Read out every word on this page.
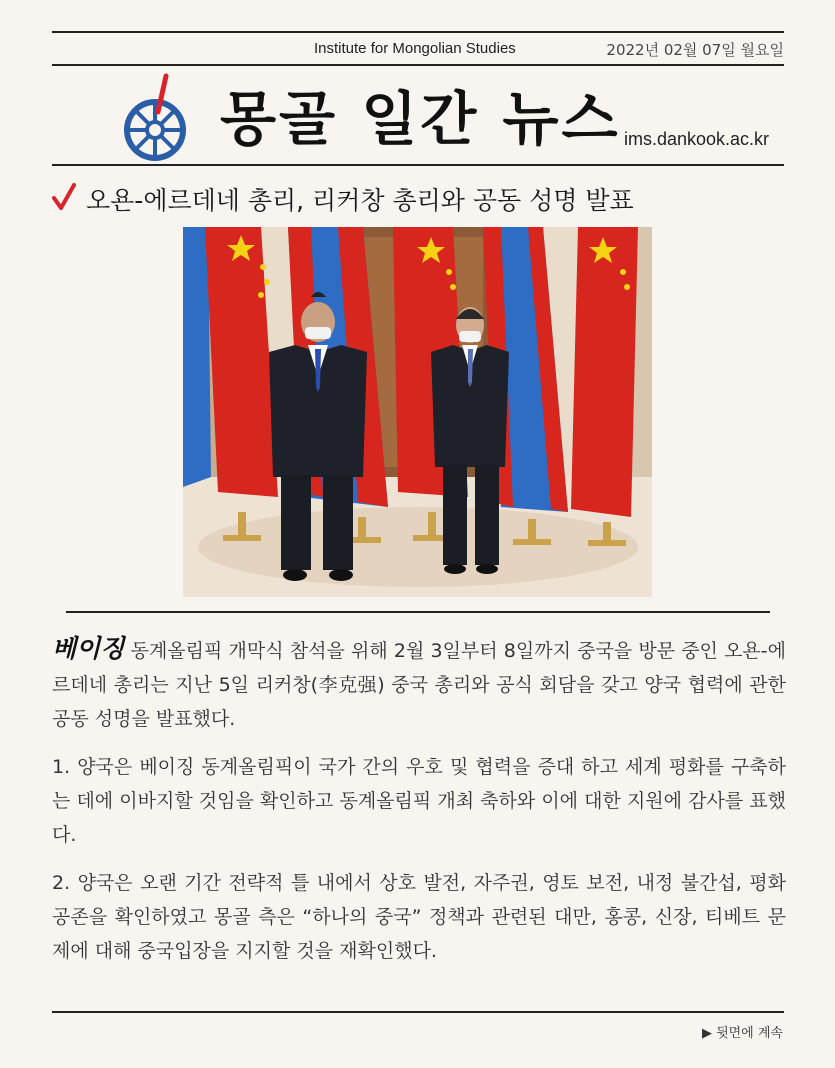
Institute for Mongolian Studies	2022년 02월 07일 월요일
몽골 일간 뉴스 ims.dankook.ac.kr
오욘-에르데네 총리, 리커창 총리와 공동 성명 발표

베이징 동계올림픽 개막식 참석을 위해 2월 3일부터 8일까지 중국을 방문 중인 오욘-에르데네 총리는 지난 5일 리커창(李克强) 중국 총리와 공식 회담을 갖고 양국 협력에 관한 공동 성명을 발표했다.

1. 양국은 베이징 동계올림픽이 국가 간의 우호 및 협력을 증대 하고 세계 평화를 구축하는 데에 이바지할 것임을 확인하고 동계올림픽 개최 축하와 이에 대한 지원에 감사를 표했다.

2. 양국은 오랜 기간 전략적 틀 내에서 상호 발전, 자주권, 영토 보전, 내정 불간섭, 평화 공존을 확인하였고 몽골 측은 “하나의 중국” 정책과 관련된 대만, 홍콩, 신장, 티베트 문제에 대해 중국입장을 지지할 것을 재확인했다.

▶ 뒷면에 계속
